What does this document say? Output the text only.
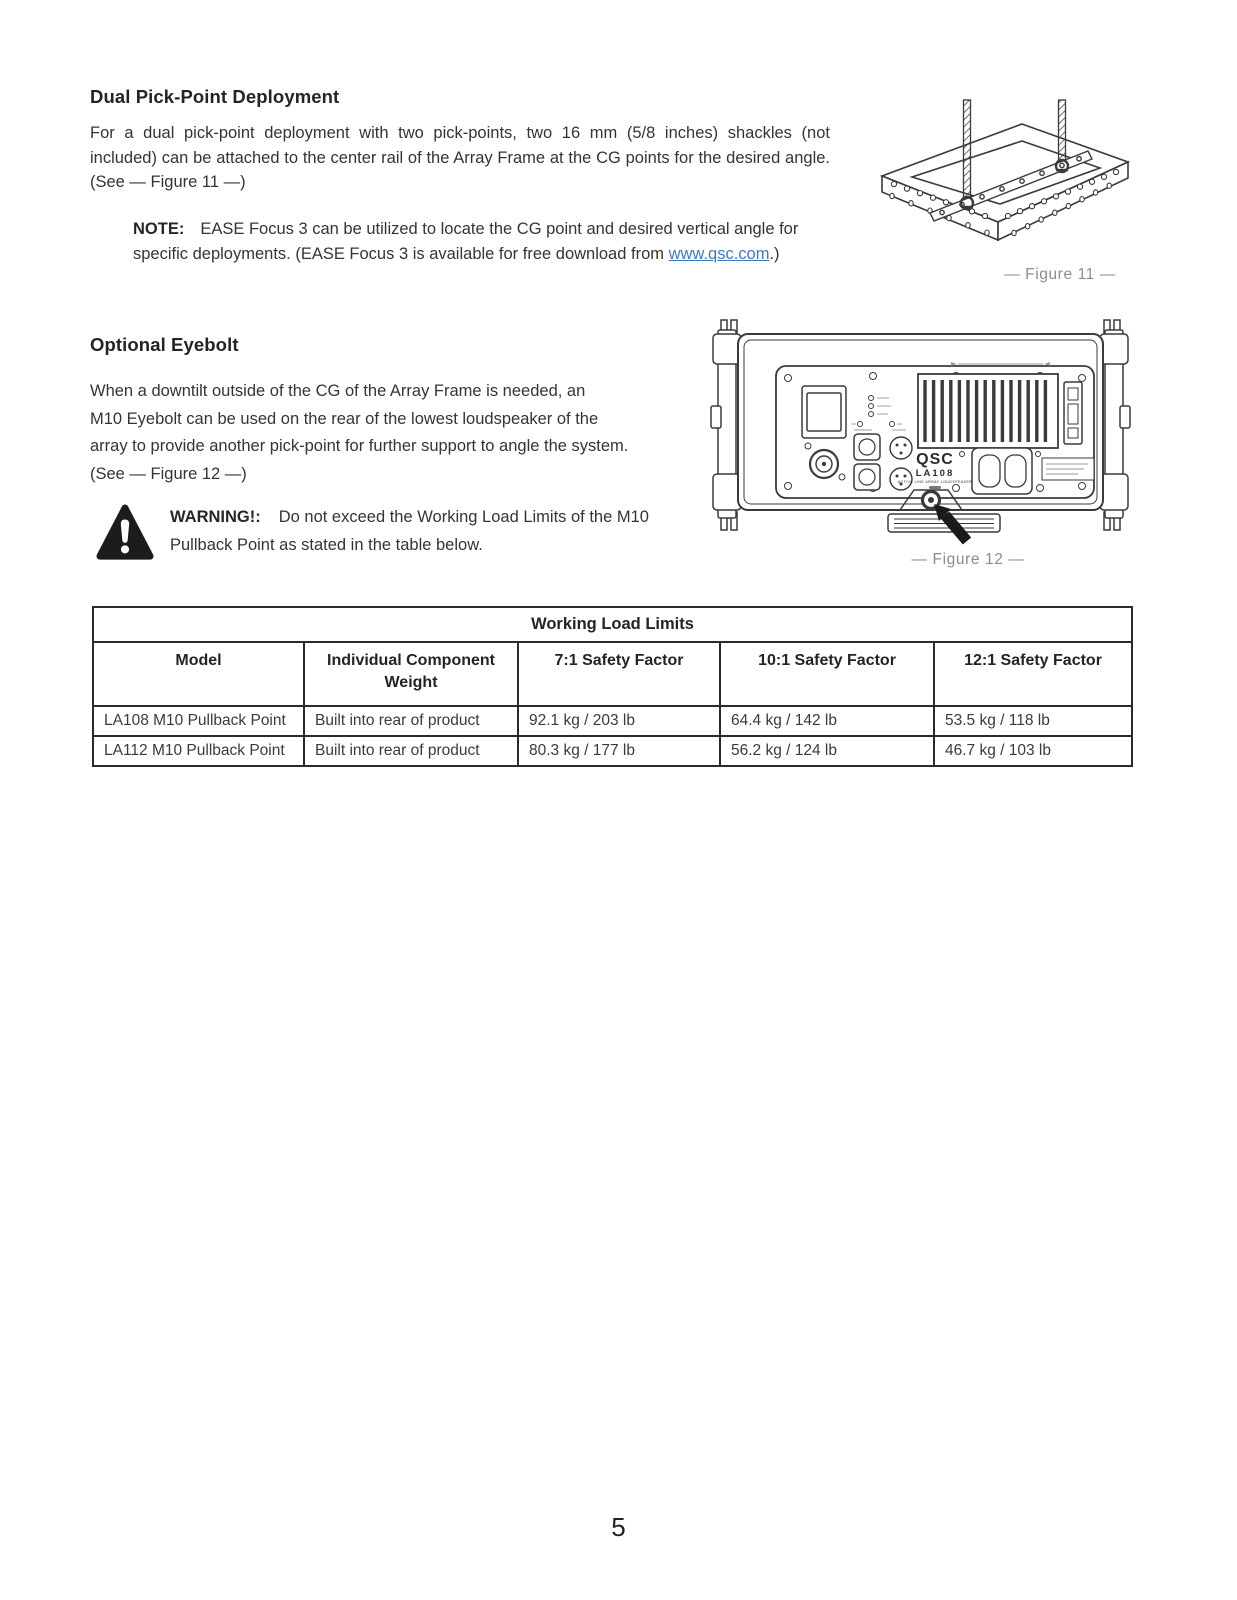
Dual Pick-Point Deployment

For a dual pick-point deployment with two pick-points, two 16 mm (5/8 inches) shackles (not included) can be attached to the center rail of the Array Frame at the CG points for the desired angle. (See — Figure 11 —)

NOTE: EASE Focus 3 can be utilized to locate the CG point and desired vertical angle for specific deployments. (EASE Focus 3 is available for free download from www.qsc.com.)
— Figure 11 —
Optional Eyebolt
When a downtilt outside of the CG of the Array Frame is needed, an
M10 Eyebolt can be used on the rear of the lowest loudspeaker of the
array to provide another pick-point for further support to angle the system.
(See — Figure 12 —)
WARNING!: Do not exceed the Working Load Limits of the M10 Pullback Point as stated in the table below.
QSC
LA108
ACTIVE LINE ARRAY LOUDSPEAKER
— Figure 12 —
Working Load Limits				
Model	Individual Component Weight	7:1 Safety Factor	10:1 Safety Factor	12:1 Safety Factor
LA108 M10 Pullback Point	Built into rear of product	92.1 kg / 203 lb	64.4 kg / 142 lb	53.5 kg / 118 lb
LA112 M10 Pullback Point	Built into rear of product	80.3 kg / 177 lb	56.2 kg / 124 lb	46.7 kg / 103 lb
5
